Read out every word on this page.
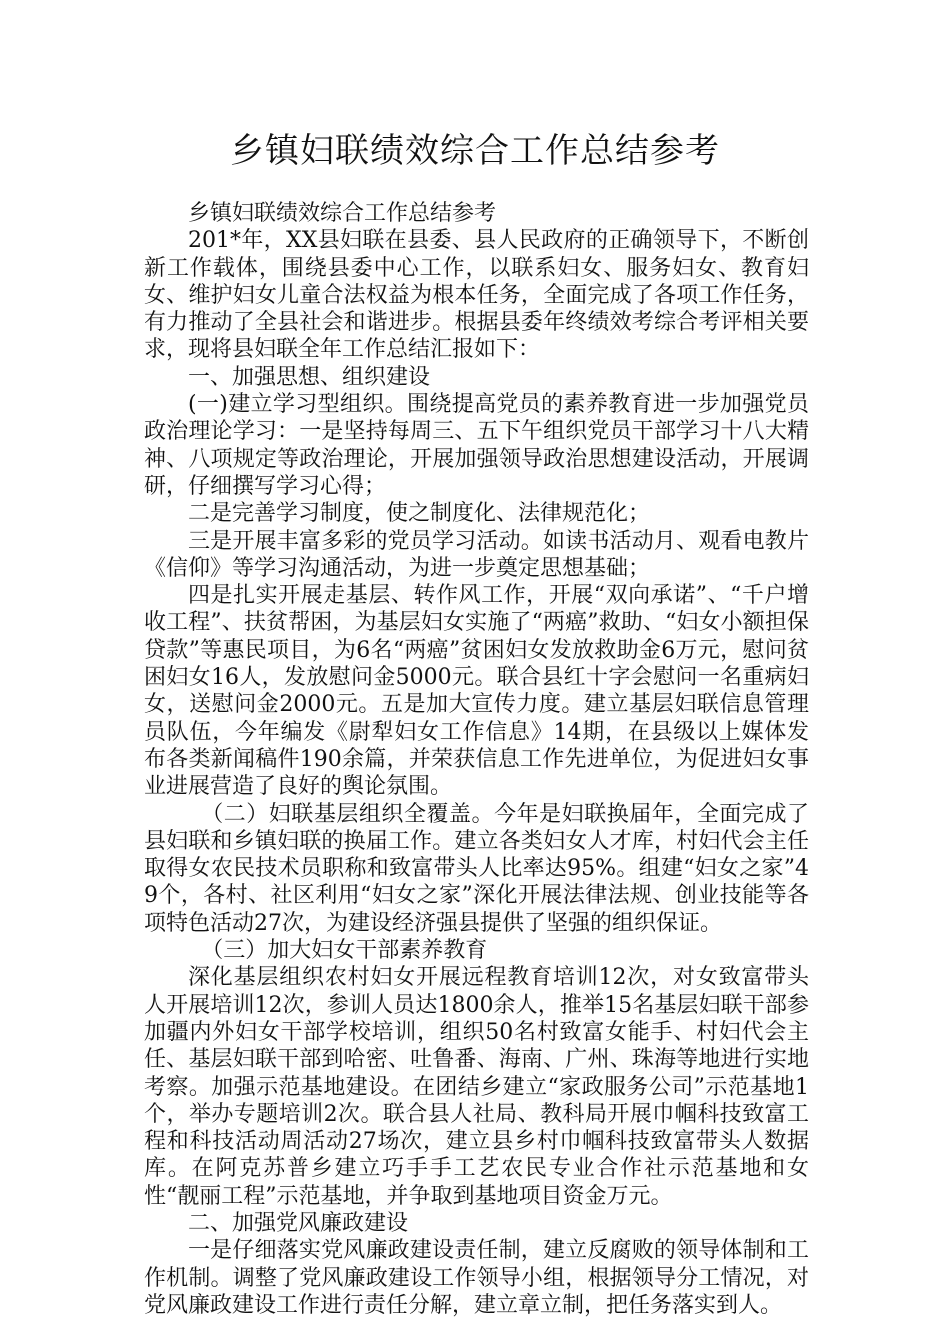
乡镇妇联绩效综合工作总结参考

乡镇妇联绩效综合工作总结参考

201*年，XX县妇联在县委、县人民政府的正确领导下，不断创新工作载体，围绕县委中心工作，以联系妇女、服务妇女、教育妇女、维护妇女儿童合法权益为根本任务，全面完成了各项工作任务，有力推动了全县社会和谐进步。根据县委年终绩效考综合考评相关要求，现将县妇联全年工作总结汇报如下：

一、加强思想、组织建设

(一)建立学习型组织。围绕提高党员的素养教育进一步加强党员政治理论学习：一是坚持每周三、五下午组织党员干部学习十八大精神、八项规定等政治理论，开展加强领导政治思想建设活动，开展调研，仔细撰写学习心得；

二是完善学习制度，使之制度化、法律规范化；

三是开展丰富多彩的党员学习活动。如读书活动月、观看电教片《信仰》等学习沟通活动，为进一步奠定思想基础；

四是扎实开展走基层、转作风工作，开展“双向承诺”、“千户增收工程”、扶贫帮困，为基层妇女实施了“两癌”救助、“妇女小额担保贷款”等惠民项目，为6名“两癌”贫困妇女发放救助金6万元，慰问贫困妇女16人，发放慰问金5000元。联合县红十字会慰问一名重病妇女，送慰问金2000元。五是加大宣传力度。建立基层妇联信息管理员队伍，今年编发《尉犁妇女工作信息》14期，在县级以上媒体发布各类新闻稿件190余篇，并荣获信息工作先进单位，为促进妇女事业进展营造了良好的舆论氛围。

（二）妇联基层组织全覆盖。今年是妇联换届年，全面完成了县妇联和乡镇妇联的换届工作。建立各类妇女人才库，村妇代会主任取得女农民技术员职称和致富带头人比率达95%。组建“妇女之家”49个，各村、社区利用“妇女之家”深化开展法律法规、创业技能等各项特色活动27次，为建设经济强县提供了坚强的组织保证。

（三）加大妇女干部素养教育

深化基层组织农村妇女开展远程教育培训12次，对女致富带头人开展培训12次，参训人员达1800余人，推举15名基层妇联干部参加疆内外妇女干部学校培训，组织50名村致富女能手、村妇代会主任、基层妇联干部到哈密、吐鲁番、海南、广州、珠海等地进行实地考察。加强示范基地建设。在团结乡建立“家政服务公司”示范基地1个，举办专题培训2次。联合县人社局、教科局开展巾帼科技致富工程和科技活动周活动27场次，建立县乡村巾帼科技致富带头人数据库。在阿克苏普乡建立巧手手工艺农民专业合作社示范基地和女性“靓丽工程”示范基地，并争取到基地项目资金万元。

二、加强党风廉政建设

一是仔细落实党风廉政建设责任制，建立反腐败的领导体制和工作机制。调整了党风廉政建设工作领导小组，根据领导分工情况，对党风廉政建设工作进行责任分解，建立章立制，把任务落实到人。
